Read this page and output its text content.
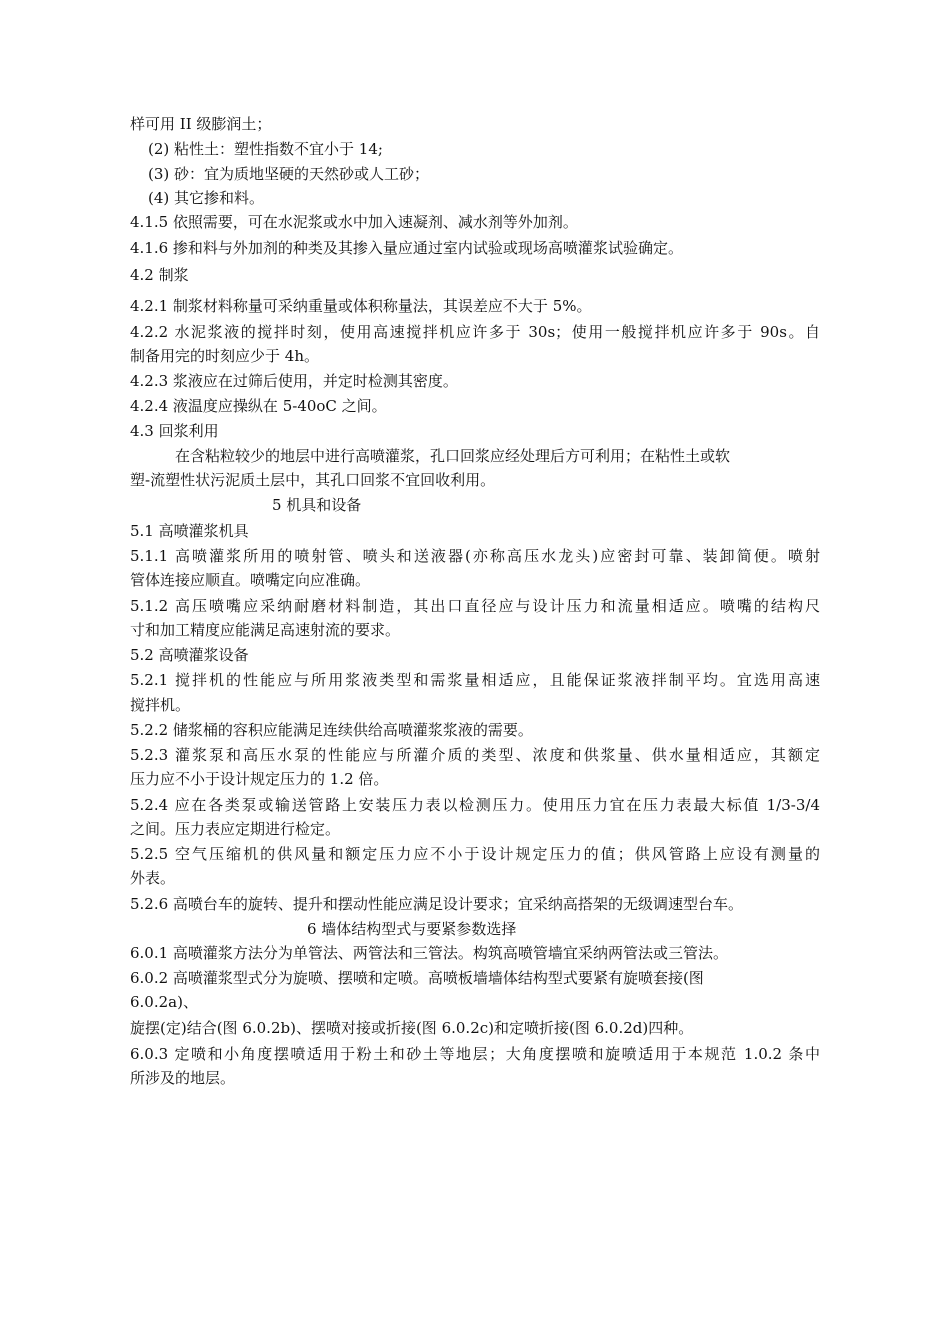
样可用 II 级膨润土；
(2) 粘性土：塑性指数不宜小于 14;
(3) 砂：宜为质地坚硬的天然砂或人工砂；
(4) 其它掺和料。
4.1.5 依照需要，可在水泥浆或水中加入速凝剂、减水剂等外加剂。
4.1.6 掺和料与外加剂的种类及其掺入量应通过室内试验或现场高喷灌浆试验确定。
4.2 制浆
4.2.1 制浆材料称量可采纳重量或体积称量法，其误差应不大于 5%。
4.2.2 水泥浆液的搅拌时刻，使用高速搅拌机应许多于 30s；使用一般搅拌机应许多于 90s。自
制备用完的时刻应少于 4h。
4.2.3 浆液应在过筛后使用，并定时检测其密度。
4.2.4 液温度应操纵在 5-40oC 之间。
4.3 回浆利用
在含粘粒较少的地层中进行高喷灌浆，孔口回浆应经处理后方可利用；在粘性土或软
塑-流塑性状污泥质土层中，其孔口回浆不宜回收利用。
5 机具和设备
5.1 高喷灌浆机具
5.1.1 高喷灌浆所用的喷射管、喷头和送液器(亦称高压水龙头)应密封可靠、装卸简便。喷射
管体连接应顺直。喷嘴定向应准确。
5.1.2 高压喷嘴应采纳耐磨材料制造，其出口直径应与设计压力和流量相适应。喷嘴的结构尺
寸和加工精度应能满足高速射流的要求。
5.2 高喷灌浆设备
5.2.1 搅拌机的性能应与所用浆液类型和需浆量相适应，且能保证浆液拌制平均。宜选用高速
搅拌机。
5.2.2 储浆桶的容积应能满足连续供给高喷灌浆浆液的需要。
5.2.3 灌浆泵和高压水泵的性能应与所灌介质的类型、浓度和供浆量、供水量相适应，其额定
压力应不小于设计规定压力的 1.2 倍。
5.2.4 应在各类泵或输送管路上安装压力表以检测压力。使用压力宜在压力表最大标值 1/3-3/4
之间。压力表应定期进行检定。
5.2.5 空气压缩机的供风量和额定压力应不小于设计规定压力的值；供风管路上应设有测量的
外表。
5.2.6 高喷台车的旋转、提升和摆动性能应满足设计要求；宜采纳高搭架的无级调速型台车。
6 墙体结构型式与要紧参数选择
6.0.1 高喷灌浆方法分为单管法、两管法和三管法。构筑高喷管墙宜采纳两管法或三管法。
6.0.2 高喷灌浆型式分为旋喷、摆喷和定喷。高喷板墙墙体结构型式要紧有旋喷套接(图
6.0.2a)、
旋摆(定)结合(图 6.0.2b)、摆喷对接或折接(图 6.0.2c)和定喷折接(图 6.0.2d)四种。
6.0.3 定喷和小角度摆喷适用于粉土和砂土等地层；大角度摆喷和旋喷适用于本规范 1.0.2 条中
所涉及的地层。
